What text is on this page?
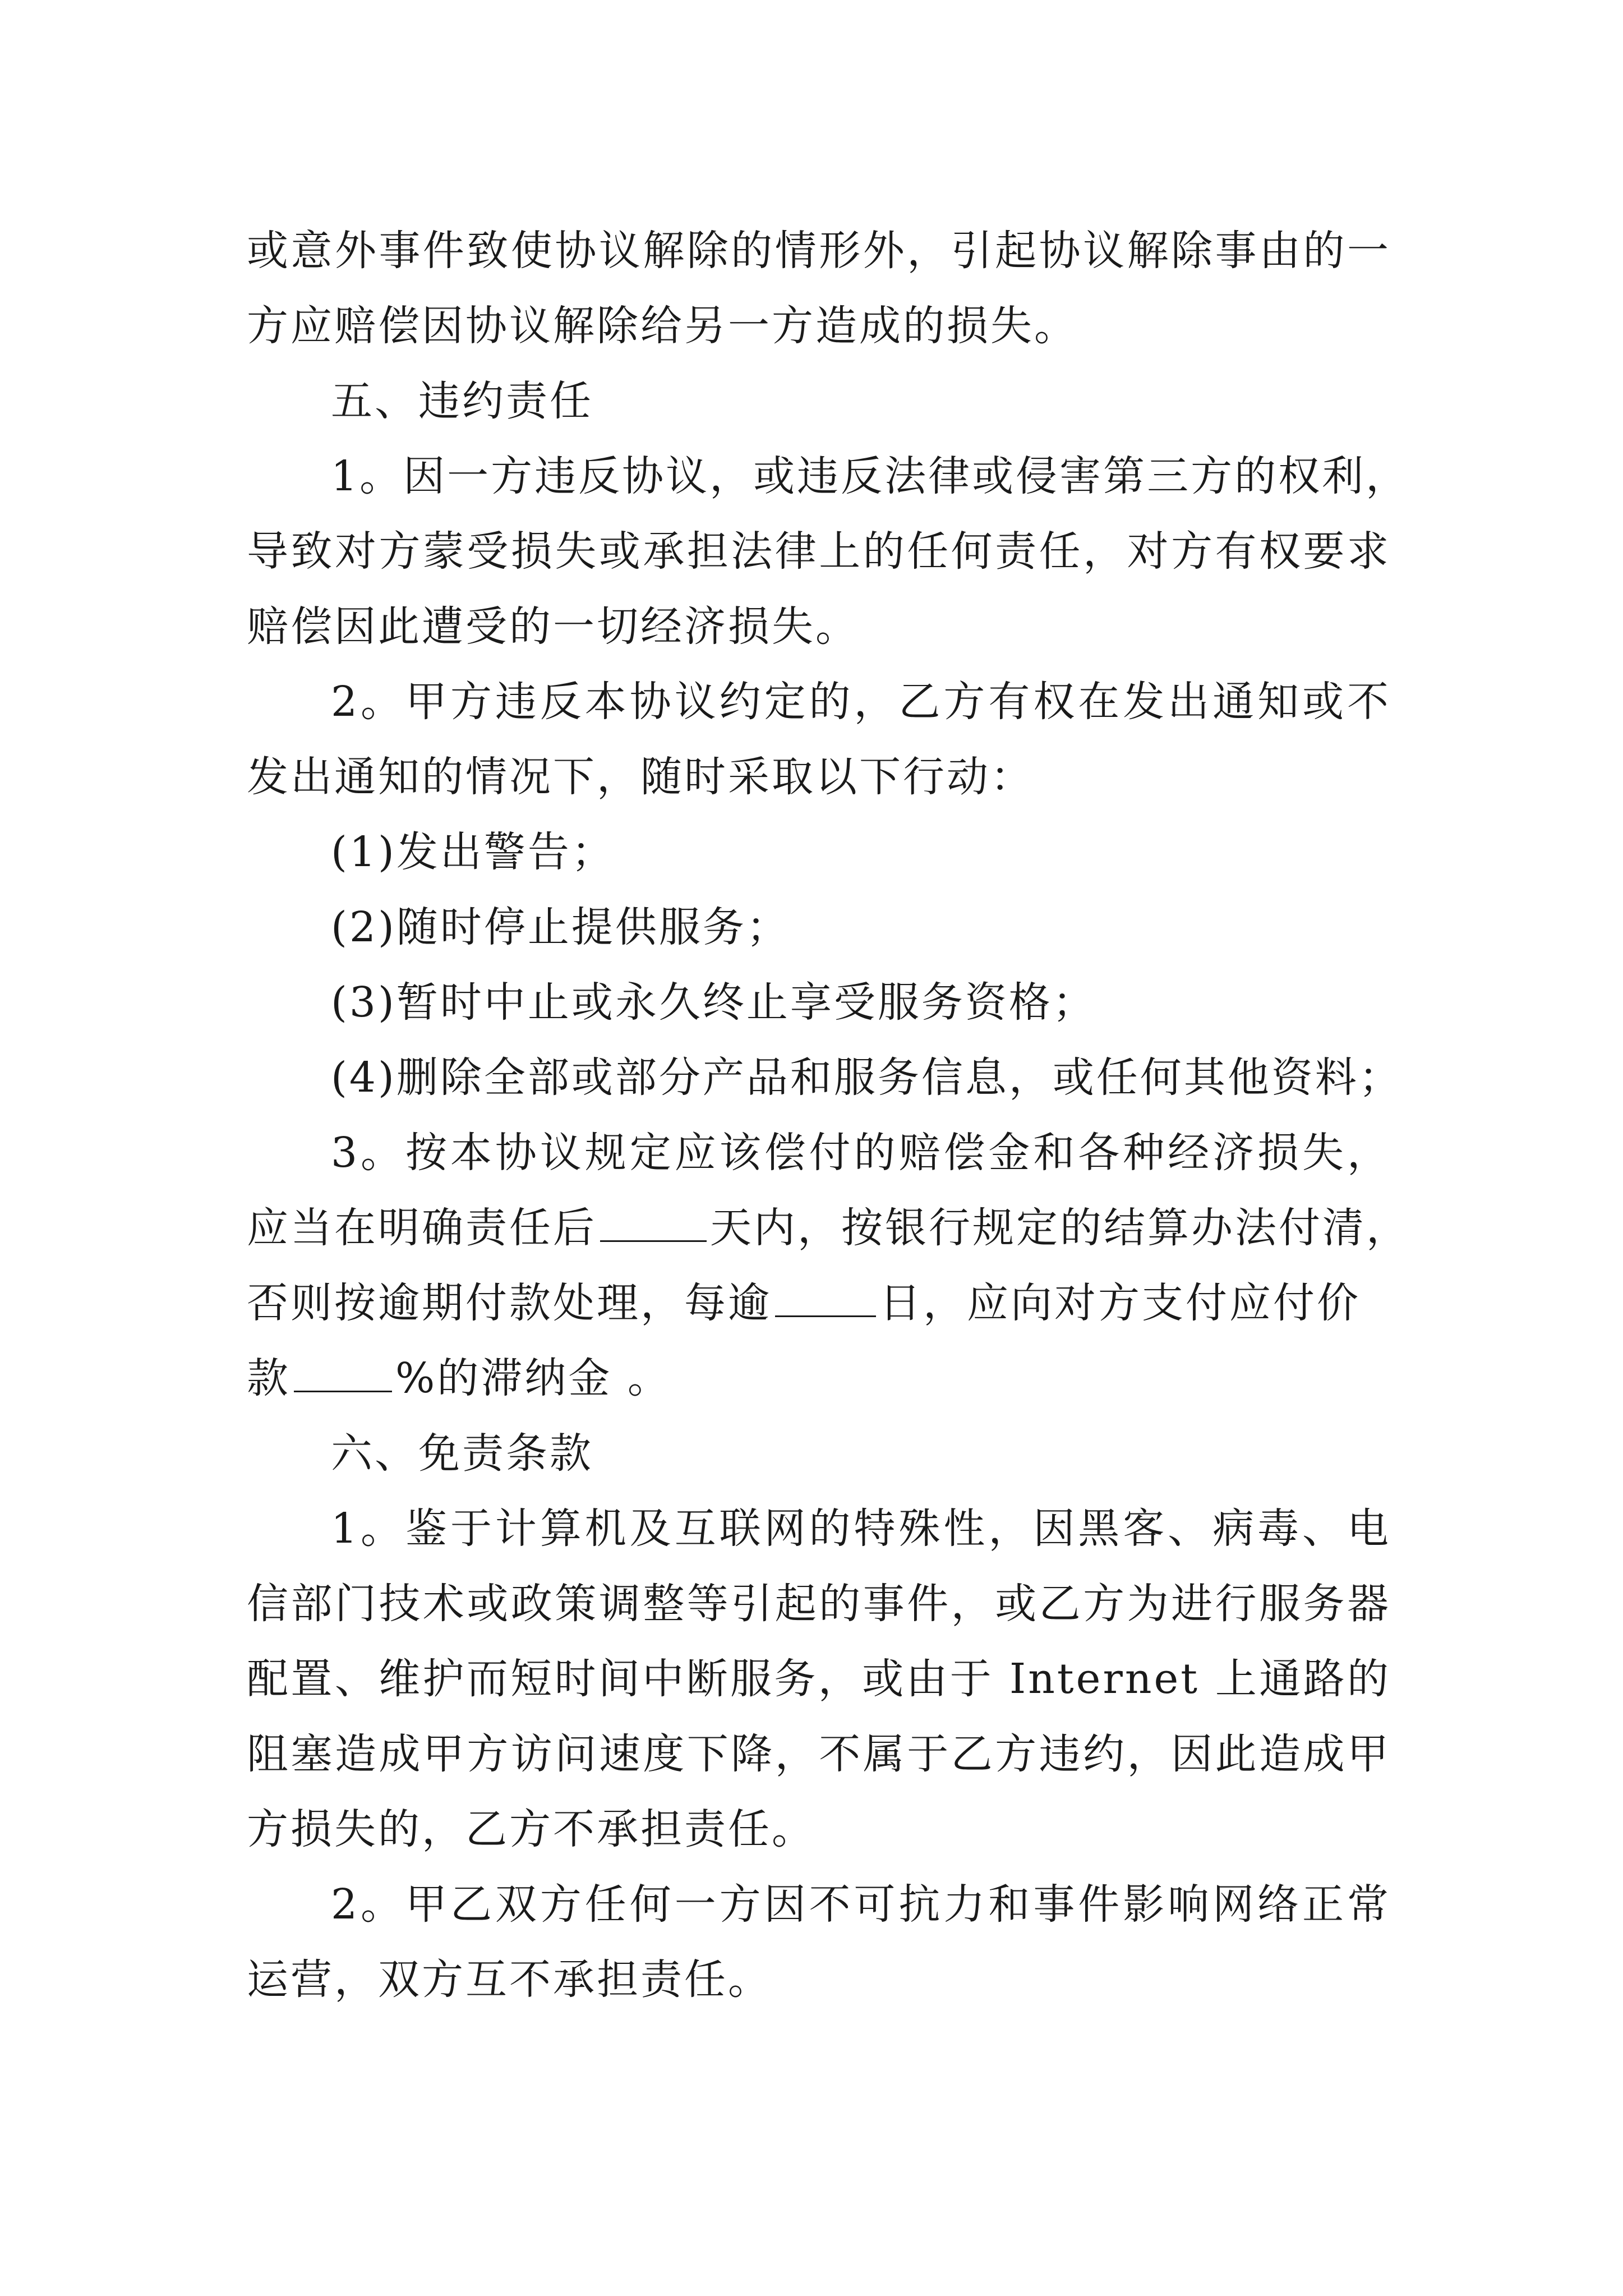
或意外事件致使协议解除的情形外，引起协议解除事由的一
方应赔偿因协议解除给另一方造成的损失。
五、违约责任
1。因一方违反协议，或违反法律或侵害第三方的权利，
导致对方蒙受损失或承担法律上的任何责任，对方有权要求
赔偿因此遭受的一切经济损失。
2。甲方违反本协议约定的，乙方有权在发出通知或不
发出通知的情况下，随时采取以下行动：
(1)发出警告；
(2)随时停止提供服务；
(3)暂时中止或永久终止享受服务资格；
(4)删除全部或部分产品和服务信息，或任何其他资料；
3。按本协议规定应该偿付的赔偿金和各种经济损失，
应当在明确责任后	天内，按银行规定的结算办法付清，
否则按逾期付款处理，每逾	日，应向对方支付应付价
款	%的滞纳金 。
六、免责条款
1。鉴于计算机及互联网的特殊性，因黑客、病毒、电
信部门技术或政策调整等引起的事件，或乙方为进行服务器
配置、维护而短时间中断服务，或由于 Internet 上通路的
阻塞造成甲方访问速度下降，不属于乙方违约，因此造成甲
方损失的，乙方不承担责任。
2。甲乙双方任何一方因不可抗力和事件影响网络正常
运营，双方互不承担责任。
